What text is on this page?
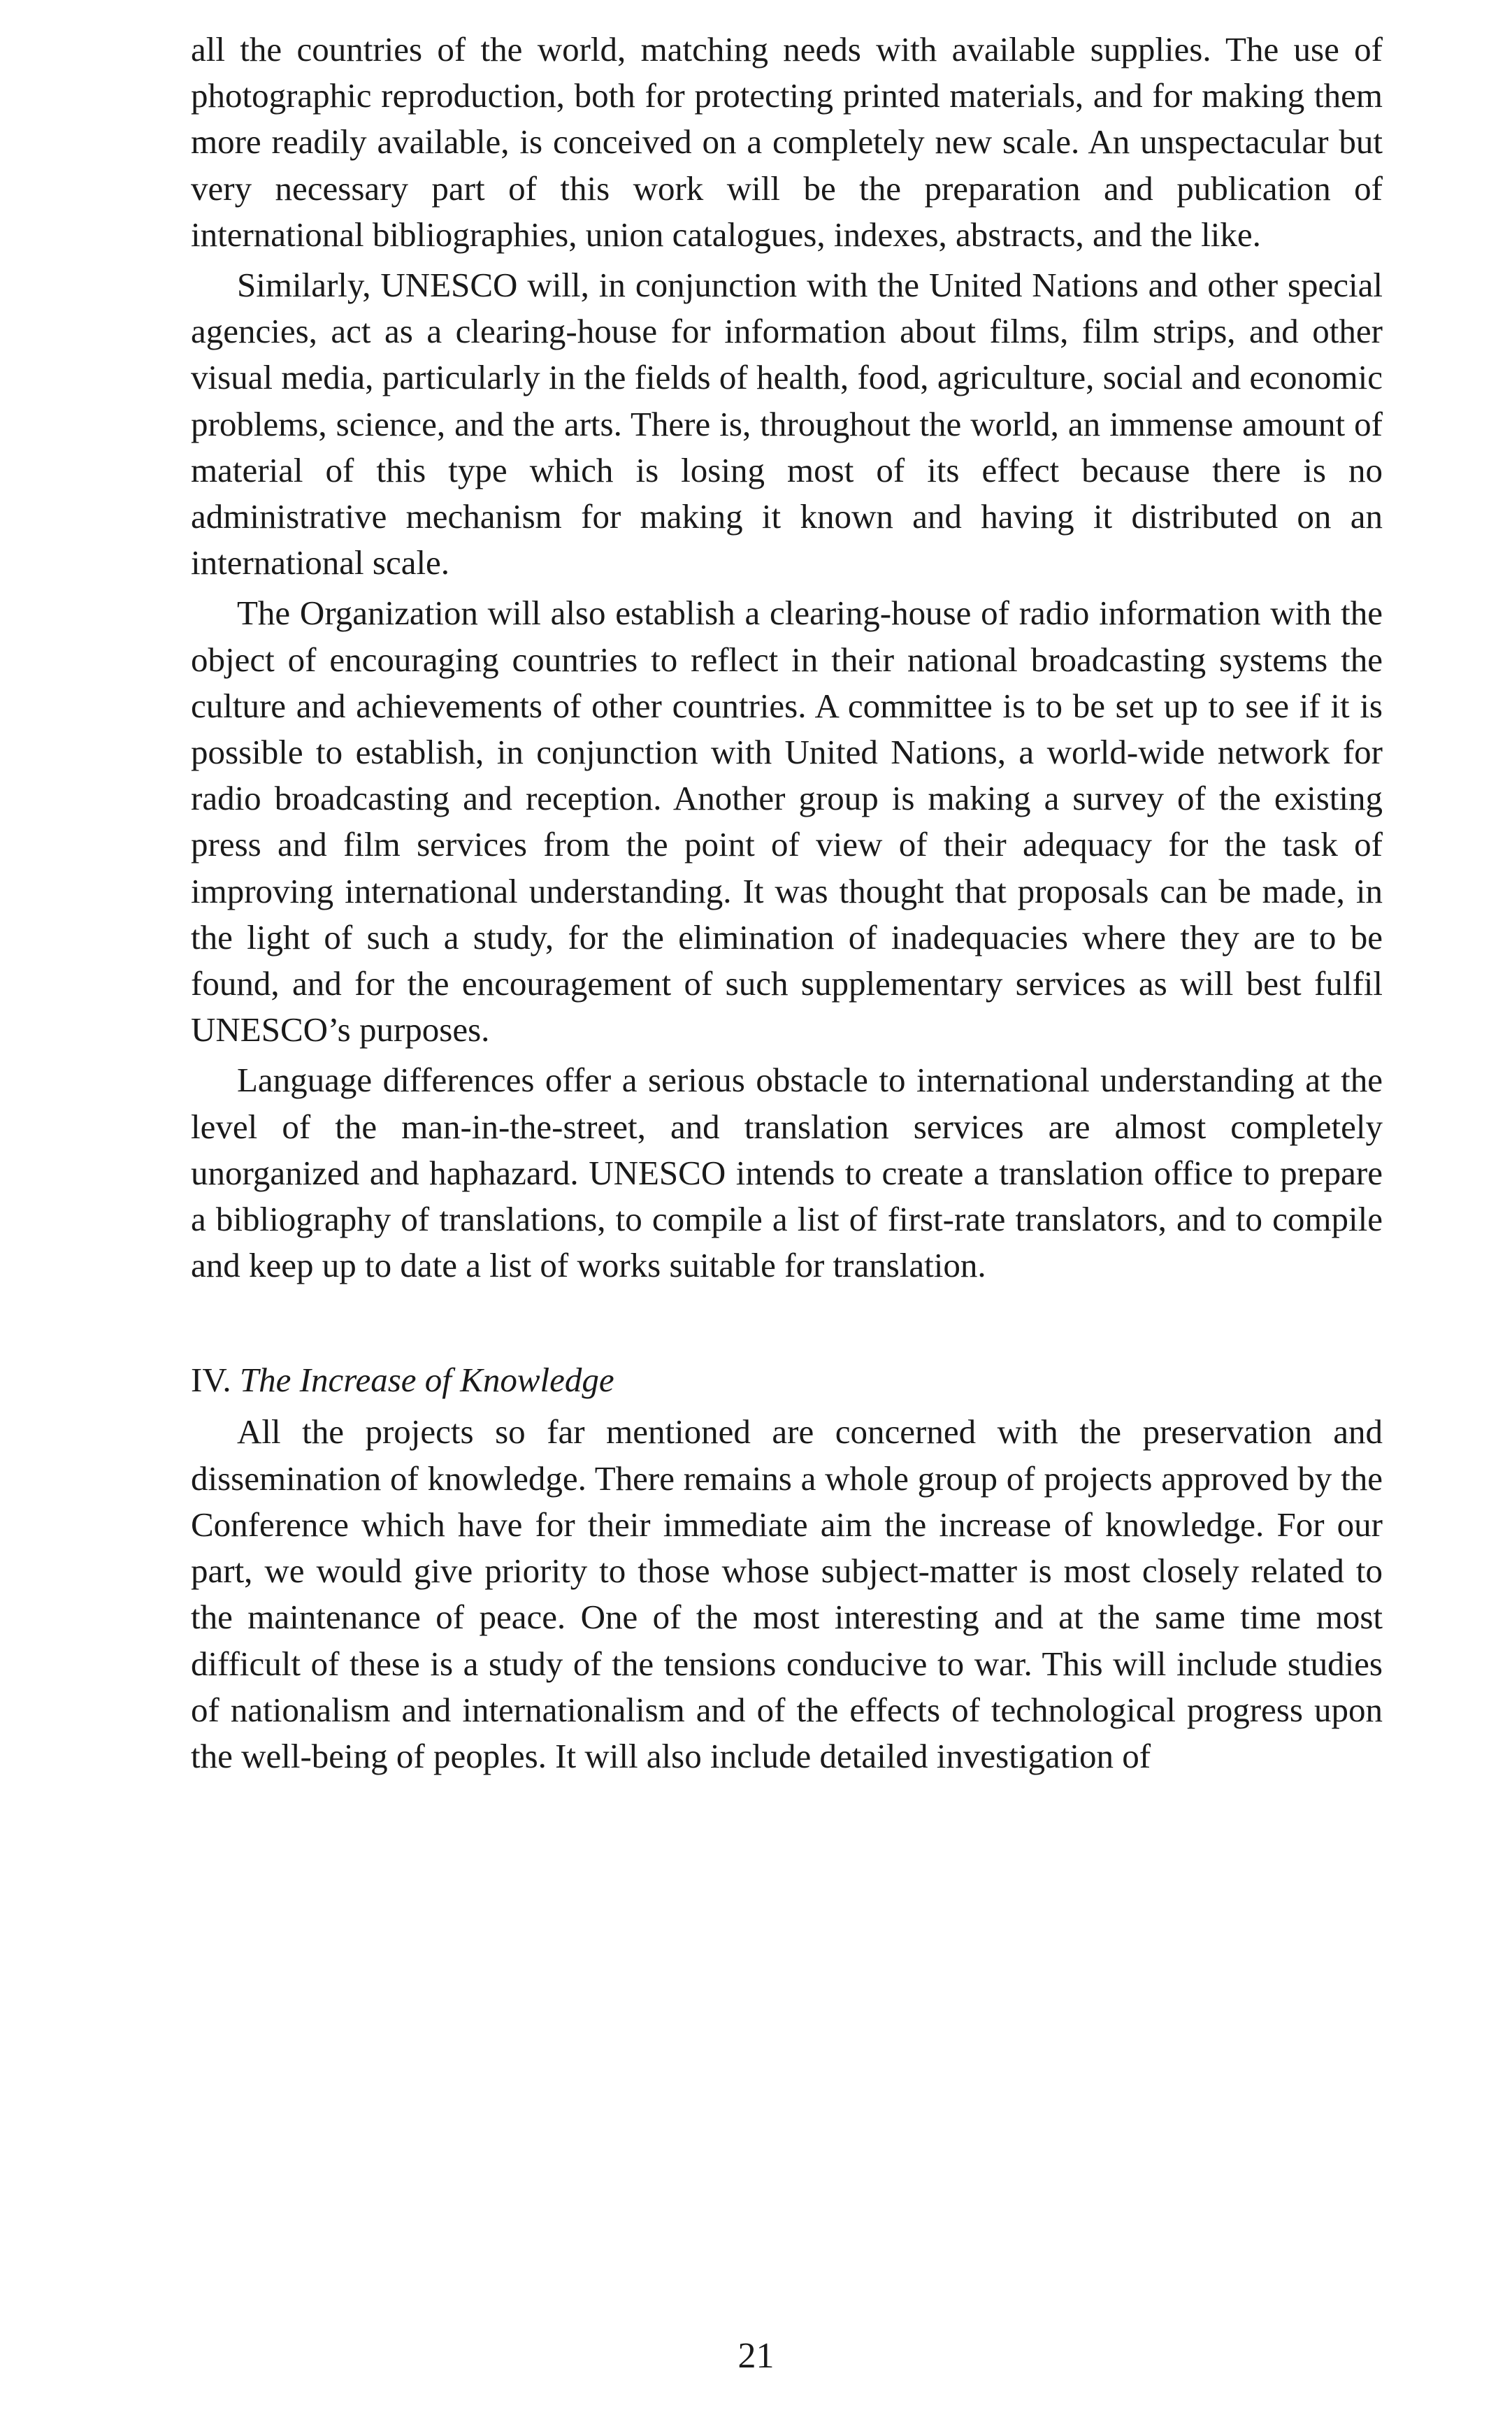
all the countries of the world, matching needs with available supplies. The use of photographic reproduction, both for protecting printed materials, and for making them more readily available, is conceived on a completely new scale. An unspectacular but very necessary part of this work will be the preparation and publication of international bibliographies, union catalogues, indexes, abstracts, and the like.

Similarly, UNESCO will, in conjunction with the United Nations and other special agencies, act as a clearing-house for information about films, film strips, and other visual media, particularly in the fields of health, food, agriculture, social and economic problems, science, and the arts. There is, throughout the world, an immense amount of material of this type which is losing most of its effect because there is no administrative mechanism for making it known and having it distributed on an international scale.

The Organization will also establish a clearing-house of radio information with the object of encouraging countries to reflect in their national broadcasting systems the culture and achievements of other countries. A committee is to be set up to see if it is possible to establish, in conjunction with United Nations, a world-wide network for radio broadcasting and reception. Another group is making a survey of the existing press and film services from the point of view of their adequacy for the task of improving international understanding. It was thought that proposals can be made, in the light of such a study, for the elimination of inadequacies where they are to be found, and for the encouragement of such supplementary services as will best fulfil UNESCO’s purposes.

Language differences offer a serious obstacle to international understanding at the level of the man-in-the-street, and translation services are almost completely unorganized and haphazard. UNESCO intends to create a translation office to prepare a bibliography of translations, to compile a list of first-rate translators, and to compile and keep up to date a list of works suitable for translation.

IV. The Increase of Knowledge

All the projects so far mentioned are concerned with the preservation and dissemination of knowledge. There remains a whole group of projects approved by the Conference which have for their immediate aim the increase of knowledge. For our part, we would give priority to those whose subject-matter is most closely related to the maintenance of peace. One of the most interesting and at the same time most difficult of these is a study of the tensions conducive to war. This will include studies of nationalism and internationalism and of the effects of technological progress upon the well-being of peoples. It will also include detailed investigation of

21
